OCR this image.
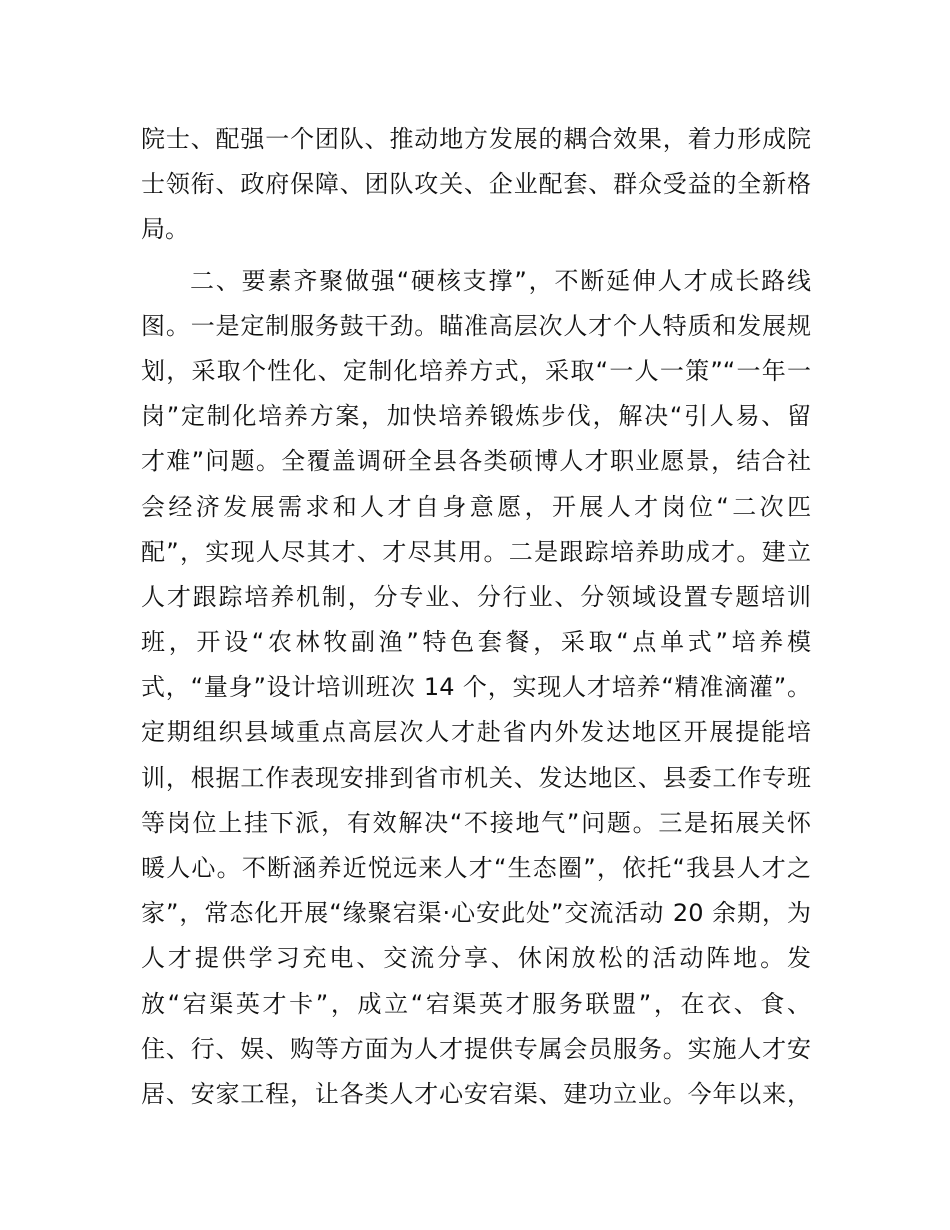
院士、配强一个团队、推动地方发展的耦合效果，着力形成院
士领衔、政府保障、团队攻关、企业配套、群众受益的全新格
局。
二、要素齐聚做强“硬核支撑”，不断延伸人才成长路线
图。一是定制服务鼓干劲。瞄准高层次人才个人特质和发展规
划，采取个性化、定制化培养方式，采取“一人一策”“一年一
岗”定制化培养方案，加快培养锻炼步伐，解决“引人易、留
才难”问题。全覆盖调研全县各类硕博人才职业愿景，结合社
会经济发展需求和人才自身意愿，开展人才岗位“二次匹
配”，实现人尽其才、才尽其用。二是跟踪培养助成才。建立
人才跟踪培养机制，分专业、分行业、分领域设置专题培训
班，开设“农林牧副渔”特色套餐，采取“点单式”培养模
式，“量身”设计培训班次 14 个，实现人才培养“精准滴灌”。
定期组织县域重点高层次人才赴省内外发达地区开展提能培
训，根据工作表现安排到省市机关、发达地区、县委工作专班
等岗位上挂下派，有效解决“不接地气”问题。三是拓展关怀
暖人心。不断涵养近悦远来人才“生态圈”，依托“我县人才之
家”，常态化开展“缘聚宕渠·心安此处”交流活动 20 余期，为
人才提供学习充电、交流分享、休闲放松的活动阵地。发
放“宕渠英才卡”，成立“宕渠英才服务联盟”，在衣、食、
住、行、娱、购等方面为人才提供专属会员服务。实施人才安
居、安家工程，让各类人才心安宕渠、建功立业。今年以来，
